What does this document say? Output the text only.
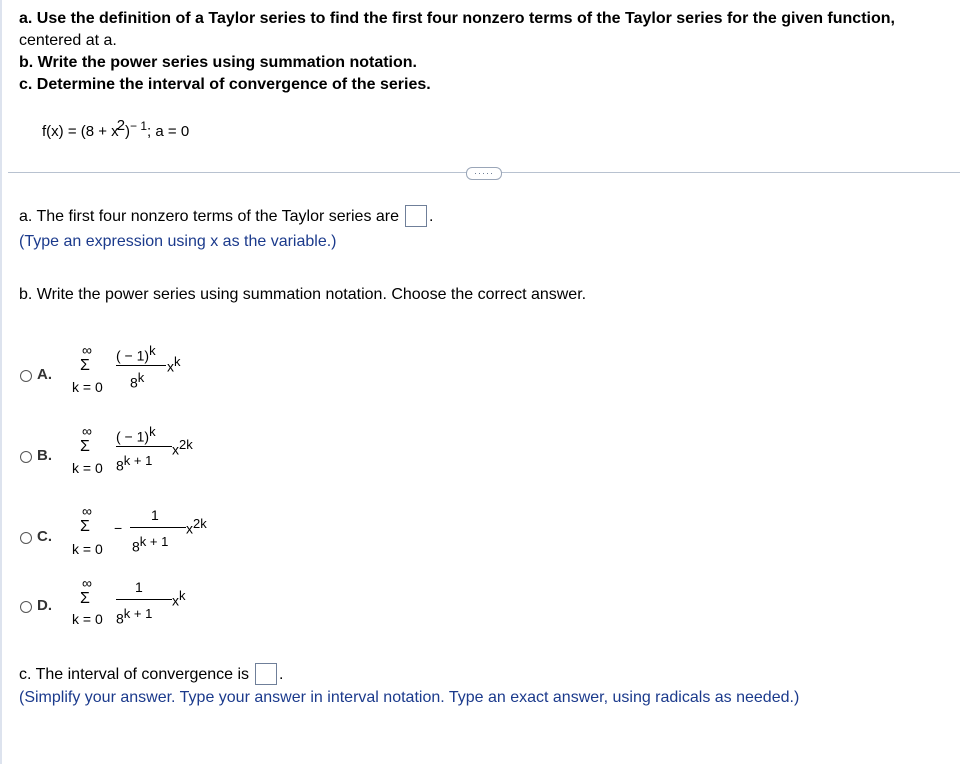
a. Use the definition of a Taylor series to find the first four nonzero terms of the Taylor series for the given function,
centered at a.
b. Write the power series using summation notation.
c. Determine the interval of convergence of the series.
$f(x) = (8 + x2)^{- 1}$; a = 0
·····
a. The first four nonzero terms of the Taylor series are .
(Type an expression using x as the variable.)
b. Write the power series using summation notation. Choose the correct answer.
A.
∞
Σ
k = 0
( − 1)$^k$
8$^k$
$x^k$
B.
∞
Σ
k = 0
( − 1)$^k$
$8^{k + 1}$
$x^{2k}$
C.
∞
Σ
k = 0
−
1
$8^{k + 1}$
$x^{2k}$
D.
∞
Σ
k = 0
1
$8^{k + 1}$
$x^k$
c. The interval of convergence is .
(Simplify your answer. Type your answer in interval notation. Type an exact answer, using radicals as needed.)
